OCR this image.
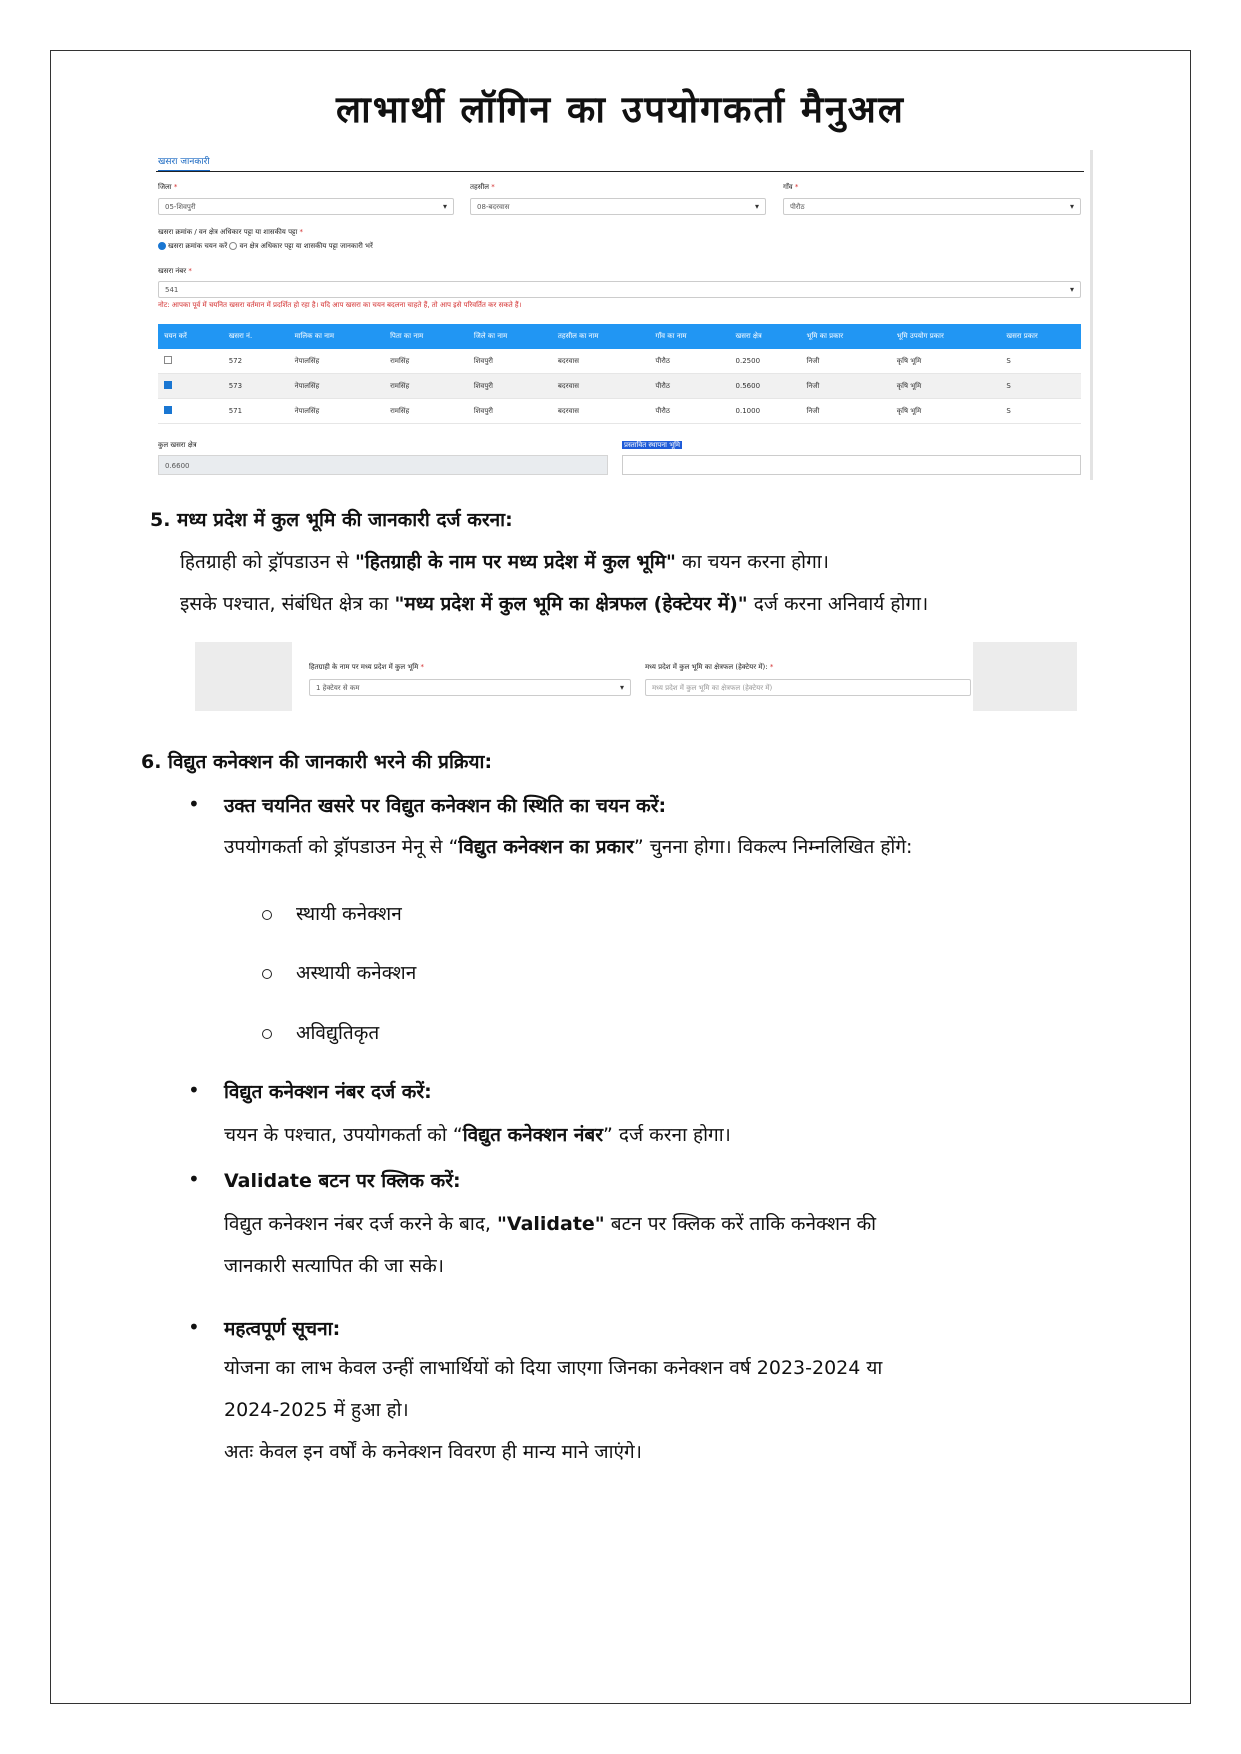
लाभार्थी लॉगिन का उपयोगकर्ता मैनुअल
खसरा जानकारी
जिला *
05-शिवपुरी	▾
तहसील *
08-बदरवास	▾
गाँव *
पीरौठ	▾
खसरा क्रमांक / वन क्षेत्र अधिकार पट्टा या शासकीय पट्टा *
खसरा क्रमांक चयन करें वन क्षेत्र अधिकार पट्टा या शासकीय पट्टा जानकारी भरें
खसरा नंबर *
541	▾
नोट: आपका पूर्व में चयनित खसरा वर्तमान में प्रदर्शित हो रहा है। यदि आप खसरा का चयन बदलना चाहते हैं, तो आप इसे परिवर्तित कर सकते हैं।
चयन करें	खसरा नं.	मालिक का नाम	पिता का नाम	जिले का नाम	तहसील का नाम	गाँव का नाम	खसरा क्षेत्र	भूमि का प्रकार	भूमि उपयोग प्रकार	खसरा प्रकार
	572	नेपालसिंह	रामसिंह	शिवपुरी	बदरवास	पीरौठ	0.2500	निजी	कृषि भूमि	S
	573	नेपालसिंह	रामसिंह	शिवपुरी	बदरवास	पीरौठ	0.5600	निजी	कृषि भूमि	S
	571	नेपालसिंह	रामसिंह	शिवपुरी	बदरवास	पीरौठ	0.1000	निजी	कृषि भूमि	S
कुल खसरा क्षेत्र
0.6600
प्रस्तावित स्थापना भूमि
5. मध्य प्रदेश में कुल भूमि की जानकारी दर्ज करना:
हितग्राही को ड्रॉपडाउन से "हितग्राही के नाम पर मध्य प्रदेश में कुल भूमि" का चयन करना होगा।
इसके पश्चात, संबंधित क्षेत्र का "मध्य प्रदेश में कुल भूमि का क्षेत्रफल (हेक्टेयर में)" दर्ज करना अनिवार्य होगा।
हितग्राही के नाम पर मध्य प्रदेश में कुल भूमि *
1 हेक्टेयर से कम	▾
मध्य प्रदेश में कुल भूमि का क्षेत्रफल (हेक्टेयर में): *
मध्य प्रदेश में कुल भूमि का क्षेत्रफल (हेक्टेयर में)
6. विद्युत कनेक्शन की जानकारी भरने की प्रक्रिया:
• उक्त चयनित खसरे पर विद्युत कनेक्शन की स्थिति का चयन करें:
उपयोगकर्ता को ड्रॉपडाउन मेनू से “विद्युत कनेक्शन का प्रकार” चुनना होगा। विकल्प निम्नलिखित होंगे:
स्थायी कनेक्शन
अस्थायी कनेक्शन
अविद्युतिकृत
• विद्युत कनेक्शन नंबर दर्ज करें:
चयन के पश्चात, उपयोगकर्ता को “विद्युत कनेक्शन नंबर” दर्ज करना होगा।
• Validate बटन पर क्लिक करें:
विद्युत कनेक्शन नंबर दर्ज करने के बाद, "Validate" बटन पर क्लिक करें ताकि कनेक्शन की
जानकारी सत्यापित की जा सके।
• महत्वपूर्ण सूचना:
योजना का लाभ केवल उन्हीं लाभार्थियों को दिया जाएगा जिनका कनेक्शन वर्ष 2023-2024 या
2024-2025 में हुआ हो।
अतः केवल इन वर्षों के कनेक्शन विवरण ही मान्य माने जाएंगे।
